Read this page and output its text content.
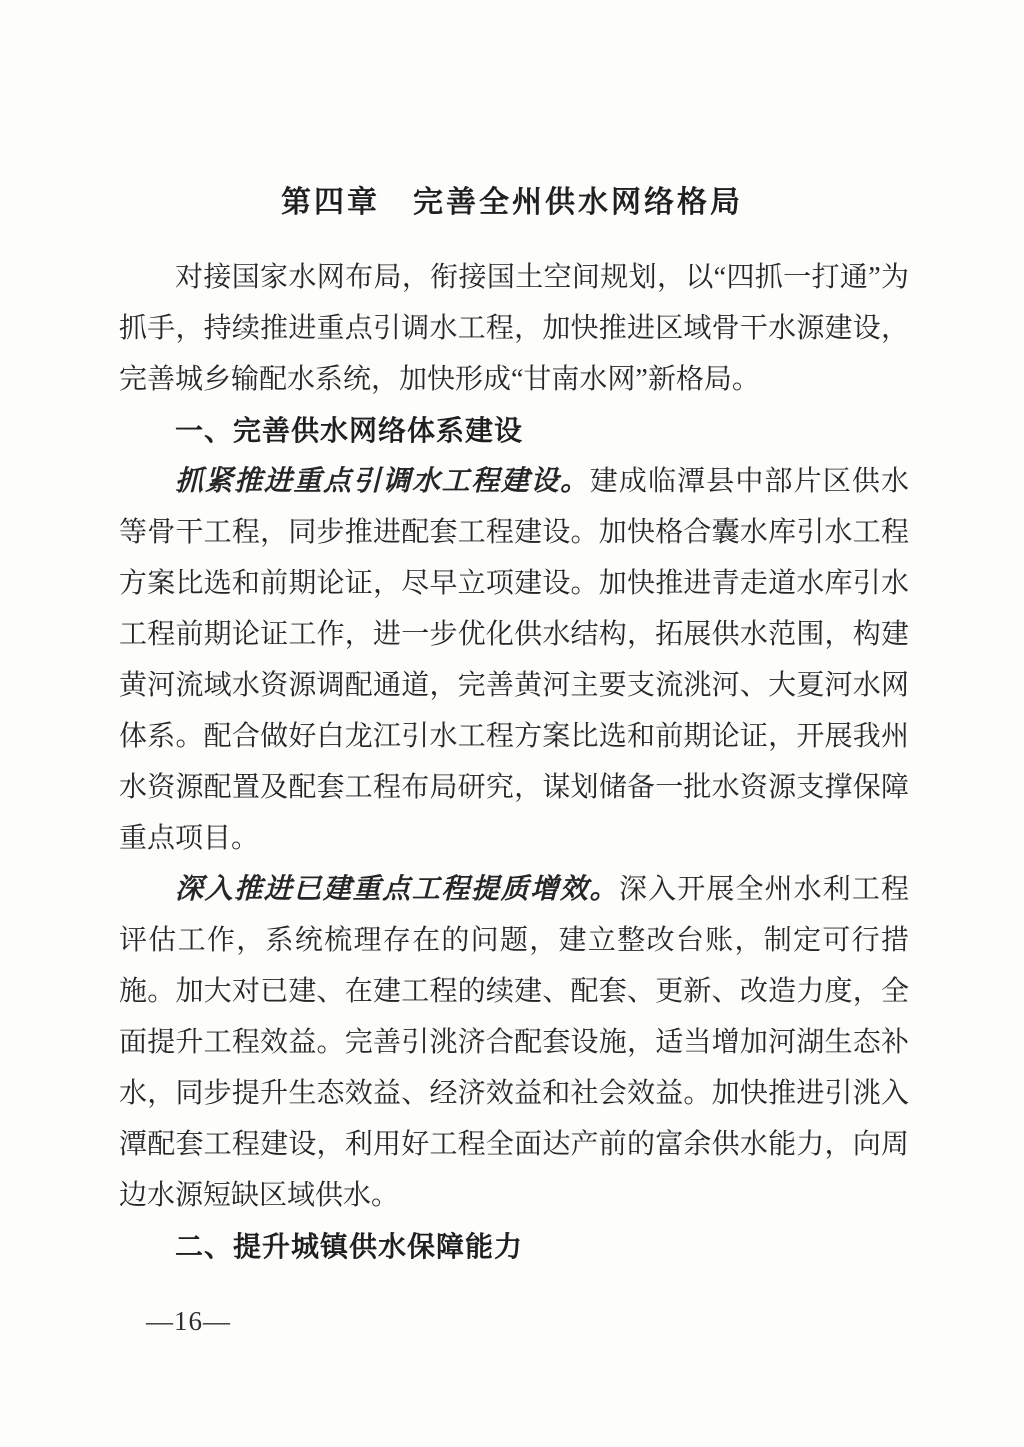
第四章　完善全州供水网络格局

对接国家水网布局，衔接国土空间规划，以“四抓一打通”为抓手，持续推进重点引调水工程，加快推进区域骨干水源建设，完善城乡输配水系统，加快形成“甘南水网”新格局。

一、完善供水网络体系建设

抓紧推进重点引调水工程建设。建成临潭县中部片区供水等骨干工程，同步推进配套工程建设。加快格合囊水库引水工程方案比选和前期论证，尽早立项建设。加快推进青走道水库引水工程前期论证工作，进一步优化供水结构，拓展供水范围，构建黄河流域水资源调配通道，完善黄河主要支流洮河、大夏河水网体系。配合做好白龙江引水工程方案比选和前期论证，开展我州水资源配置及配套工程布局研究，谋划储备一批水资源支撑保障重点项目。

深入推进已建重点工程提质增效。深入开展全州水利工程评估工作，系统梳理存在的问题，建立整改台账，制定可行措施。加大对已建、在建工程的续建、配套、更新、改造力度，全面提升工程效益。完善引洮济合配套设施，适当增加河湖生态补水，同步提升生态效益、经济效益和社会效益。加快推进引洮入潭配套工程建设，利用好工程全面达产前的富余供水能力，向周边水源短缺区域供水。

二、提升城镇供水保障能力
—16—
